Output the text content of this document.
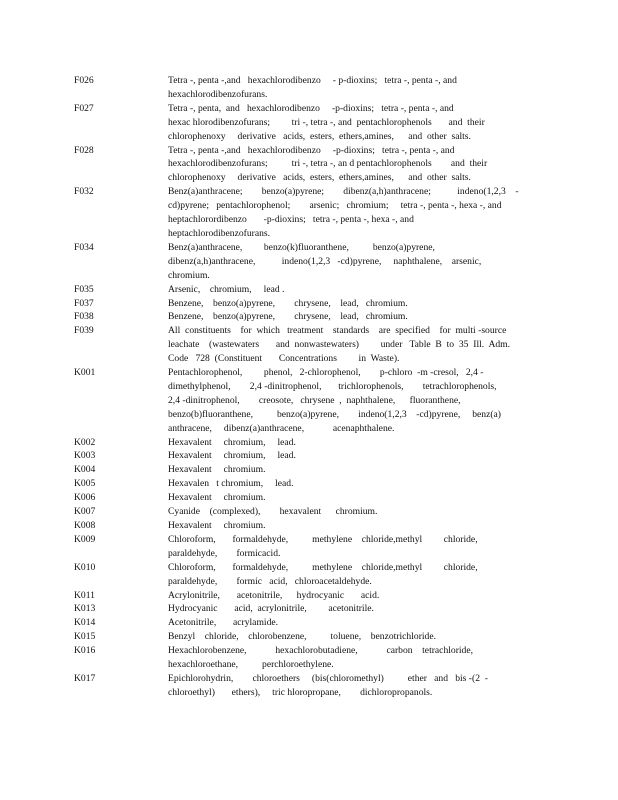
F026	Tetra -, penta -,and   hexachlorodibenzo     - p-dioxins;   tetra -, penta -, and
hexachlorodibenzofurans.
F027	Tetra -, penta,  and   hexachlorodibenzo     -p-dioxins;   tetra -, penta -, and
hexac hlorodibenzofurans;         tri -, tetra -, and  pentachlorophenols       and  their
chlorophenoxy     derivative   acids,  esters,  ethers,amines,      and  other  salts.
F028	Tetra -, penta -,and   hexachlorodibenzo     -p-dioxins;   tetra -, penta -, and
hexachlorodibenzofurans;          tri -, tetra -, an d pentachlorophenols        and  their
chlorophenoxy     derivative   acids,  esters,  ethers,amines,      and  other  salts.
F032	Benz(a)anthracene;        benzo(a)pyrene;        dibenz(a,h)anthracene;           indeno(1,2,3    -
cd)pyrene;   pentachlorophenol;        arsenic;   chromium;     tetra -, penta -, hexa -, and
heptachlorordibenzo       -p-dioxins;   tetra -, penta -, hexa -, and
heptachlorodibenzofurans.
F034	Benz(a)anthracene,         benzo(k)fluoranthene,          benzo(a)pyrene,
dibenz(a,h)anthracene,           indeno(1,2,3   -cd)pyrene,     naphthalene,    arsenic,
chromium.
F035	Arsenic,    chromium,     lead .
F037	Benzene,    benzo(a)pyrene,        chrysene,    lead,   chromium.
F038	Benzene,    benzo(a)pyrene,        chrysene,    lead,   chromium.
F039	All  constituents    for  which   treatment    standards    are  specified    for  multi -source
leachate    (wastewaters       and  nonwastewaters)         under   Table  B  to  35  Ill.  Adm.
Code   728  (Constituent       Concentrations         in  Waste).
K001	Pentachlorophenol,         phenol,   2-chlorophenol,        p-chloro  -m -cresol,   2,4 -
dimethylphenol,        2,4 -dinitrophenol,       trichlorophenols,        tetrachlorophenols,
2,4 -dinitrophenol,        creosote,   chrysene  ,  naphthalene,      fluoranthene,
benzo(b)fluoranthene,          benzo(a)pyrene,        indeno(1,2,3    -cd)pyrene,     benz(a)
anthracene,     dibenz(a)anthracene,            acenaphthalene.
K002	Hexavalent     chromium,     lead.
K003	Hexavalent     chromium,     lead.
K004	Hexavalent     chromium.
K005	Hexavalen   t chromium,     lead.
K006	Hexavalent     chromium.
K007	Cyanide    (complexed),        hexavalent      chromium.
K008	Hexavalent     chromium.
K009	Chloroform,       formaldehyde,          methylene    chloride,methyl         chloride,
paraldehyde,        formicacid.
K010	Chloroform,       formaldehyde,          methylene    chloride,methyl         chloride,
paraldehyde,        formic   acid,   chloroacetaldehyde.
K011	Acrylonitrile,       acetonitrile,      hydrocyanic       acid.
K013	Hydrocyanic       acid,  acrylonitrile,         acetonitrile.
K014	Acetonitrile,       acrylamide.
K015	Benzyl    chloride,    chlorobenzene,          toluene,    benzotrichloride.
K016	Hexachlorobenzene,            hexachlorobutadiene,            carbon    tetrachloride,
hexachloroethane,          perchloroethylene.
K017	Epichlorohydrin,        chloroethers     (bis(chloromethyl)          ether   and   bis -(2  -
chloroethyl)       ethers),     tric hloropropane,        dichloropropanols.
